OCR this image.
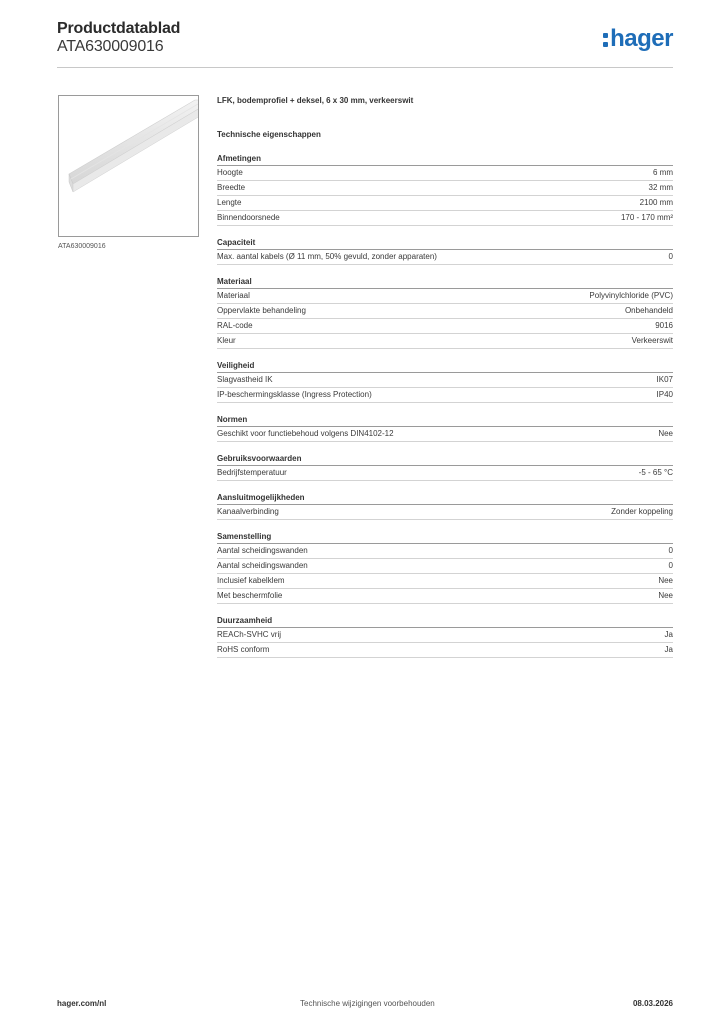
Productdatablad
ATA630009016	hager
ATA630009016
LFK, bodemprofiel + deksel, 6 x 30 mm, verkeerswit
Technische eigenschappen
Afmetingen
Hoogte	6 mm
Breedte	32 mm
Lengte	2100 mm
Binnendoorsnede	170 - 170 mm²
Capaciteit
Max. aantal kabels (Ø 11 mm, 50% gevuld, zonder apparaten)	0
Materiaal
Materiaal	Polyvinylchloride (PVC)
Oppervlakte behandeling	Onbehandeld
RAL-code	9016
Kleur	Verkeerswit
Veiligheid
Slagvastheid IK	IK07
IP-beschermingsklasse (Ingress Protection)	IP40
Normen
Geschikt voor functiebehoud volgens DIN4102-12	Nee
Gebruiksvoorwaarden
Bedrijfstemperatuur	-5 - 65 °C
Aansluitmogelijkheden
Kanaalverbinding	Zonder koppeling
Samenstelling
Aantal scheidingswanden	0
Aantal scheidingswanden	0
Inclusief kabelklem	Nee
Met beschermfolie	Nee
Duurzaamheid
REACh-SVHC vrij	Ja
RoHS conform	Ja
hager.com/nl	Technische wijzigingen voorbehouden	08.03.2026
